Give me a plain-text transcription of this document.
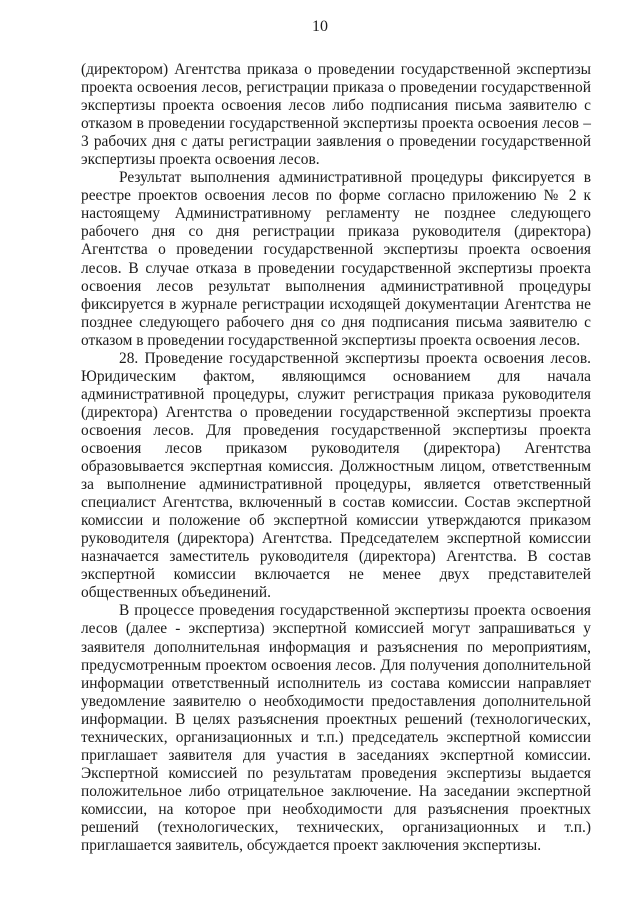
10

(директором) Агентства приказа о проведении государственной экспертизы проекта освоения лесов, регистрации приказа о проведении государственной экспертизы проекта освоения лесов либо подписания письма заявителю с отказом в проведении государственной экспертизы проекта освоения лесов – 3 рабочих дня с даты регистрации заявления о проведении государственной экспертизы проекта освоения лесов.

Результат выполнения административной процедуры фиксируется в реестре проектов освоения лесов по форме согласно приложению № 2 к настоящему Административному регламенту не позднее следующего рабочего дня со дня регистрации приказа руководителя (директора) Агентства о проведении государственной экспертизы проекта освоения лесов. В случае отказа в проведении государственной экспертизы проекта освоения лесов результат выполнения административной процедуры фиксируется в журнале регистрации исходящей документации Агентства не позднее следующего рабочего дня со дня подписания письма заявителю с отказом в проведении государственной экспертизы проекта освоения лесов.

28. Проведение государственной экспертизы проекта освоения лесов. Юридическим фактом, являющимся основанием для начала административной процедуры, служит регистрация приказа руководителя (директора) Агентства о проведении государственной экспертизы проекта освоения лесов. Для проведения государственной экспертизы проекта освоения лесов приказом руководителя (директора) Агентства образовывается экспертная комиссия. Должностным лицом, ответственным за выполнение административной процедуры, является ответственный специалист Агентства, включенный в состав комиссии. Состав экспертной комиссии и положение об экспертной комиссии утверждаются приказом руководителя (директора) Агентства. Председателем экспертной комиссии назначается заместитель руководителя (директора) Агентства. В состав экспертной комиссии включается не менее двух представителей общественных объединений.

В процессе проведения государственной экспертизы проекта освоения лесов (далее - экспертиза) экспертной комиссией могут запрашиваться у заявителя дополнительная информация и разъяснения по мероприятиям, предусмотренным проектом освоения лесов. Для получения дополнительной информации ответственный исполнитель из состава комиссии направляет уведомление заявителю о необходимости предоставления дополнительной информации. В целях разъяснения проектных решений (технологических, технических, организационных и т.п.) председатель экспертной комиссии приглашает заявителя для участия в заседаниях экспертной комиссии. Экспертной комиссией по результатам проведения экспертизы выдается положительное либо отрицательное заключение. На заседании экспертной комиссии, на которое при необходимости для разъяснения проектных решений (технологических, технических, организационных и т.п.) приглашается заявитель, обсуждается проект заключения экспертизы.
